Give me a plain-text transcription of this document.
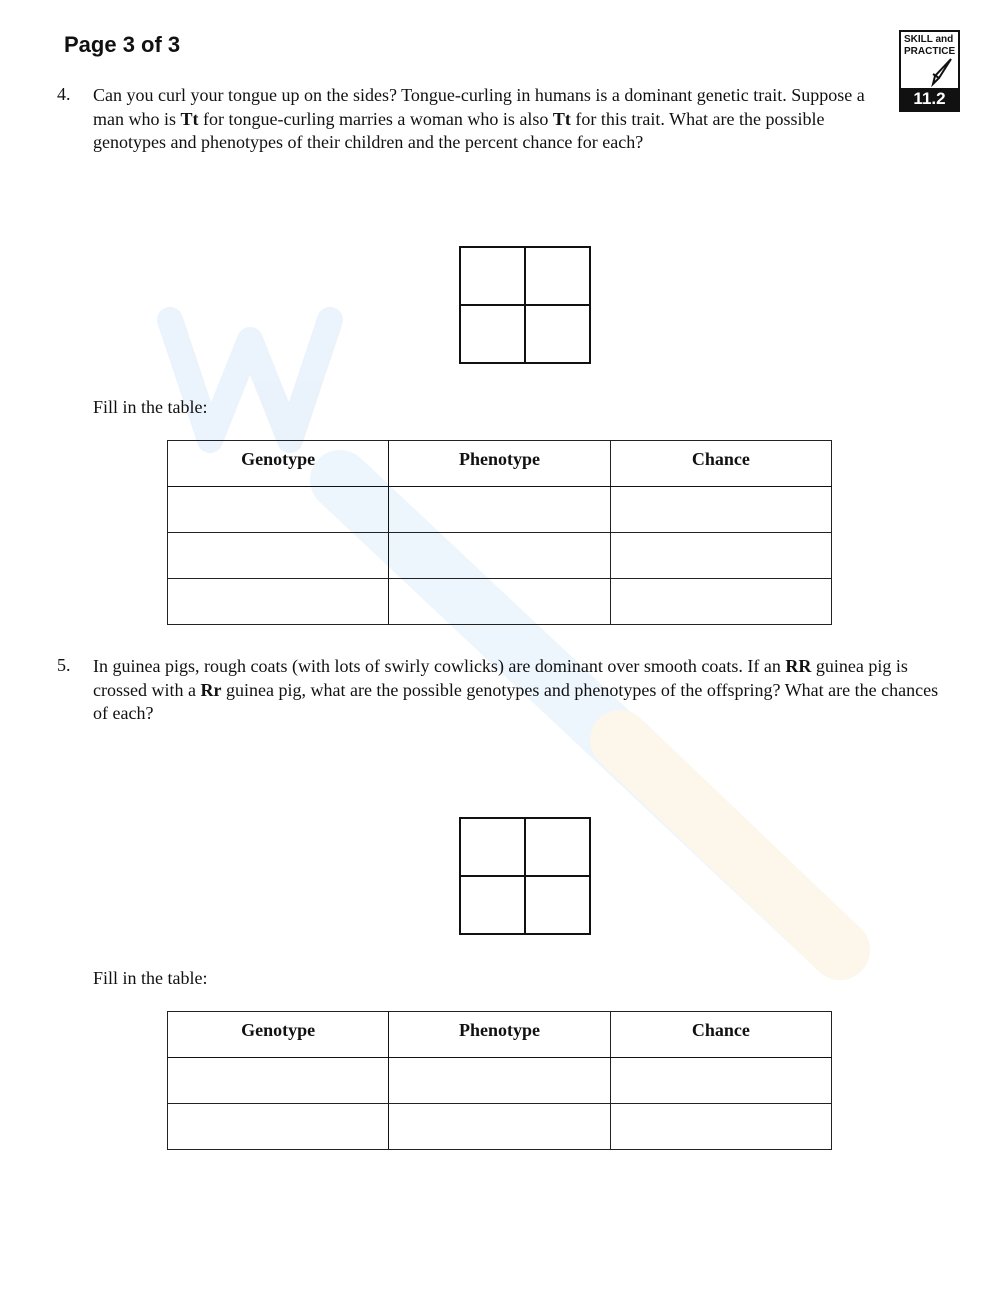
Page 3 of 3	SKILL and
PRACTICE
11.2
4. Can you curl your tongue up on the sides? Tongue-curling in humans is a dominant genetic trait. Suppose a man who is Tt for tongue-curling marries a woman who is also Tt for this trait. What are the possible genotypes and phenotypes of their children and the percent chance for each?
Fill in the table:
Genotype	Phenotype	Chance

5. In guinea pigs, rough coats (with lots of swirly cowlicks) are dominant over smooth coats. If an RR guinea pig is crossed with a Rr guinea pig, what are the possible genotypes and phenotypes of the offspring? What are the chances of each?
Fill in the table:
Genotype	Phenotype	Chance
